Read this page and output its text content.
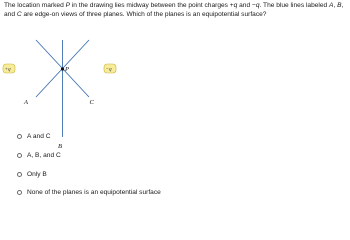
The location marked P in the drawing lies midway between the point charges +q and −q. The blue lines labeled A, B,
and C are edge-on views of three planes. Which of the planes is an equipotential surface?

P
+q	−q
A
B
C
A and C
A, B, and C
Only B
None of the planes is an equipotential surface
